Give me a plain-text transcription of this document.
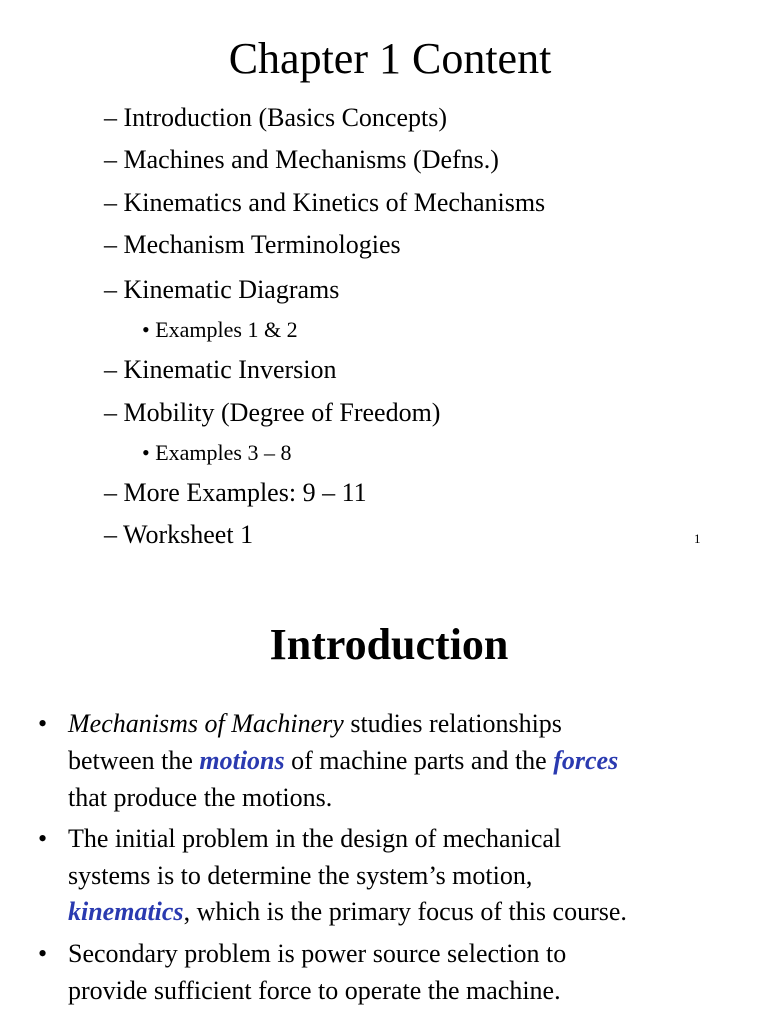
Chapter 1 Content
– Introduction (Basics Concepts)
– Machines and Mechanisms (Defns.)
– Kinematics and Kinetics of Mechanisms
– Mechanism Terminologies
– Kinematic Diagrams
• Examples 1 & 2
– Kinematic Inversion
– Mobility (Degree of Freedom)
• Examples 3 – 8
– More Examples: 9 – 11
– Worksheet 1	1
Introduction
• Mechanisms of Machinery studies relationships
between the motions of machine parts and the forces
that produce the motions.
• The initial problem in the design of mechanical
systems is to determine the system’s motion,
kinematics, which is the primary focus of this course.
• Secondary problem is power source selection to
provide sufficient force to operate the machine.
